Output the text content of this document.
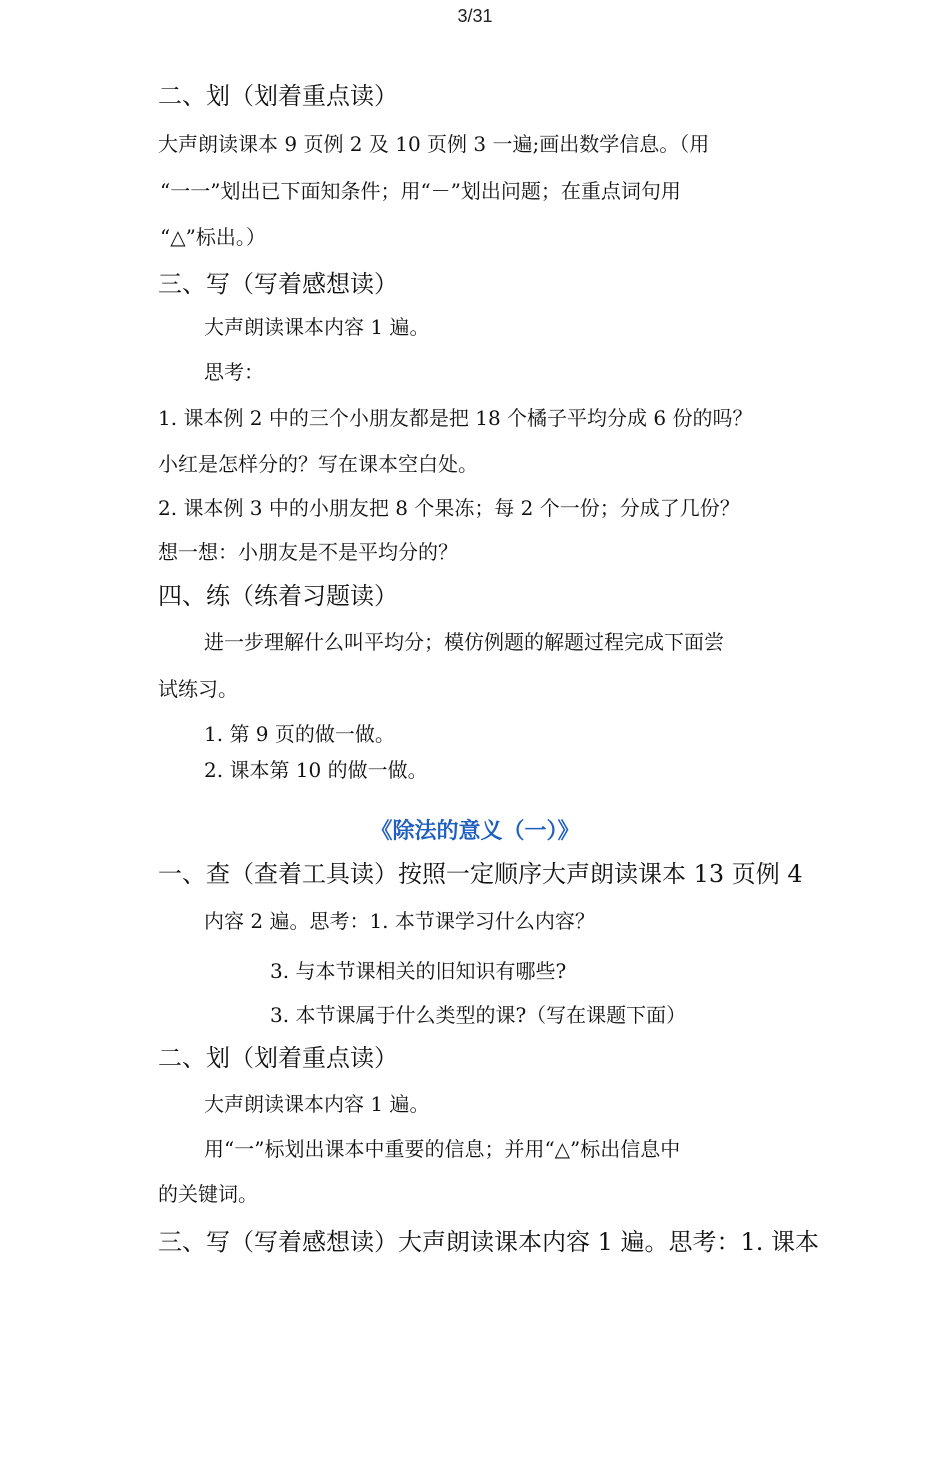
3/31
二、划（划着重点读）
大声朗读课本 9 页例 2 及 10 页例 3 一遍;画出数学信息。（用
“一一”划出已下面知条件；用“－”划出问题；在重点词句用
“△”标出。）
三、写（写着感想读）
大声朗读课本内容 1 遍。
思考：
1. 课本例 2 中的三个小朋友都是把 18 个橘子平均分成 6 份的吗？
小红是怎样分的？写在课本空白处。
2. 课本例 3 中的小朋友把 8 个果冻；每 2 个一份；分成了几份？
想一想：小朋友是不是平均分的？
四、练（练着习题读）
进一步理解什么叫平均分；模仿例题的解题过程完成下面尝
试练习。
1. 第 9 页的做一做。
2. 课本第 10 的做一做。
《除法的意义（一）》
一、查（查着工具读）按照一定顺序大声朗读课本 13 页例 4
内容 2 遍。思考：1. 本节课学习什么内容？
3. 与本节课相关的旧知识有哪些?
3. 本节课属于什么类型的课?（写在课题下面）
二、划（划着重点读）
大声朗读课本内容 1 遍。
用“一”标划出课本中重要的信息；并用“△”标出信息中
的关键词。
三、写（写着感想读）大声朗读课本内容 1 遍。思考：1. 课本
